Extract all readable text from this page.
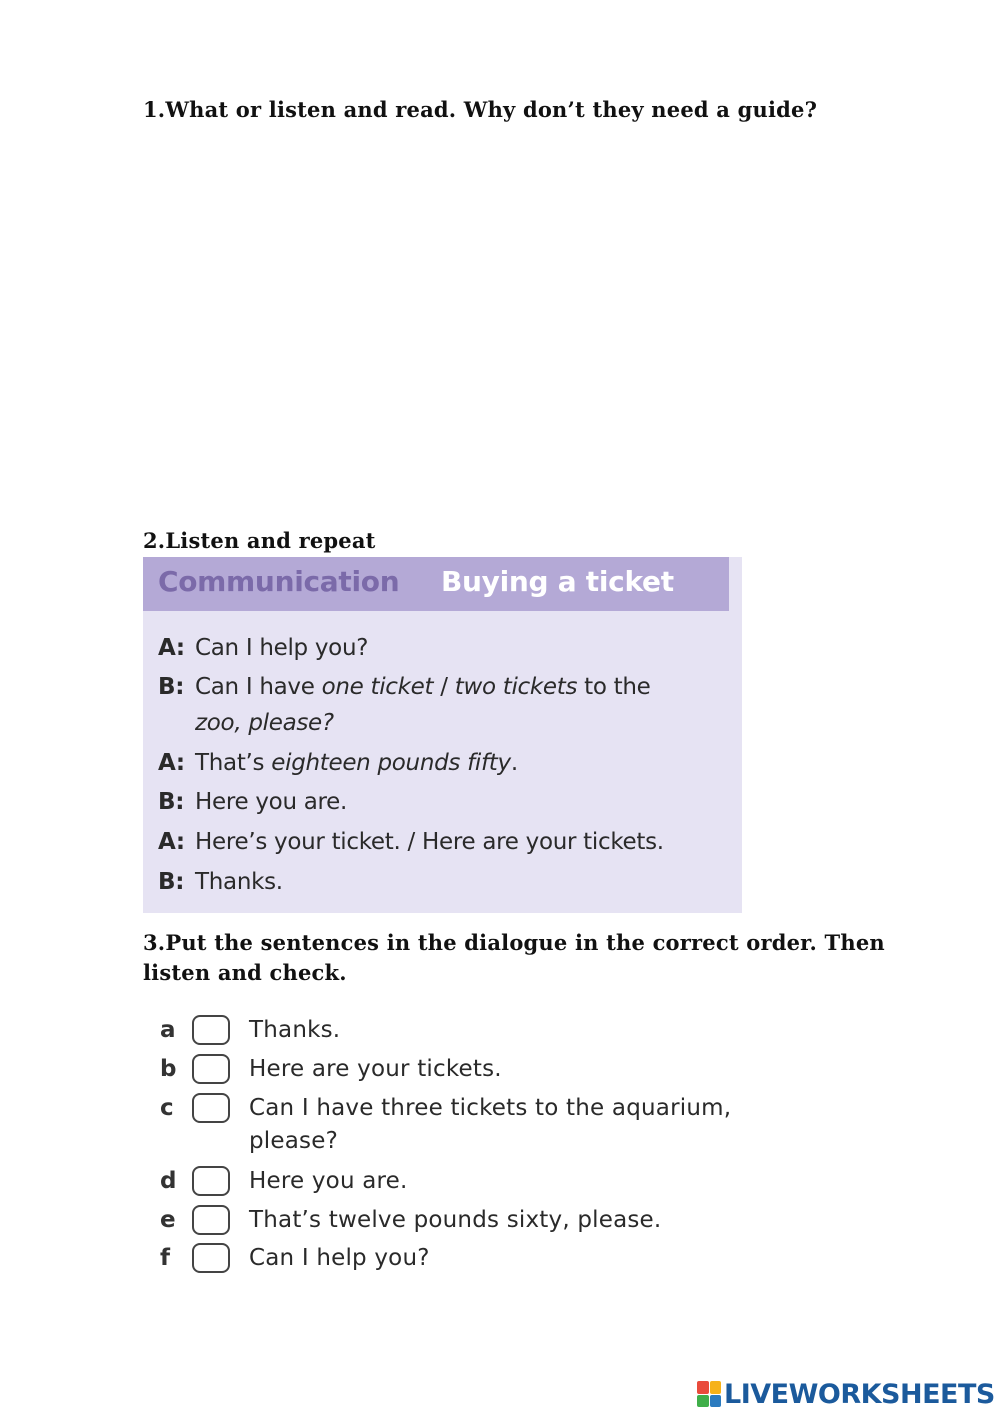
1.What or listen and read. Why don’t they need a guide?

2.Listen and repeat

Communication Buying a ticket
A: Can I help you?
B: Can I have one ticket / two tickets to the
zoo, please?
A: That’s eighteen pounds fifty.
B: Here you are.
A: Here’s your ticket. / Here are your tickets.
B: Thanks.

3.Put the sentences in the dialogue in the correct order. Then listen and check.

a	Thanks.
b	Here are your tickets.
c	Can I have three tickets to the aquarium,
please?
d	Here you are.
e	That’s twelve pounds sixty, please.
f	Can I help you?
LIVEWORKSHEETS
